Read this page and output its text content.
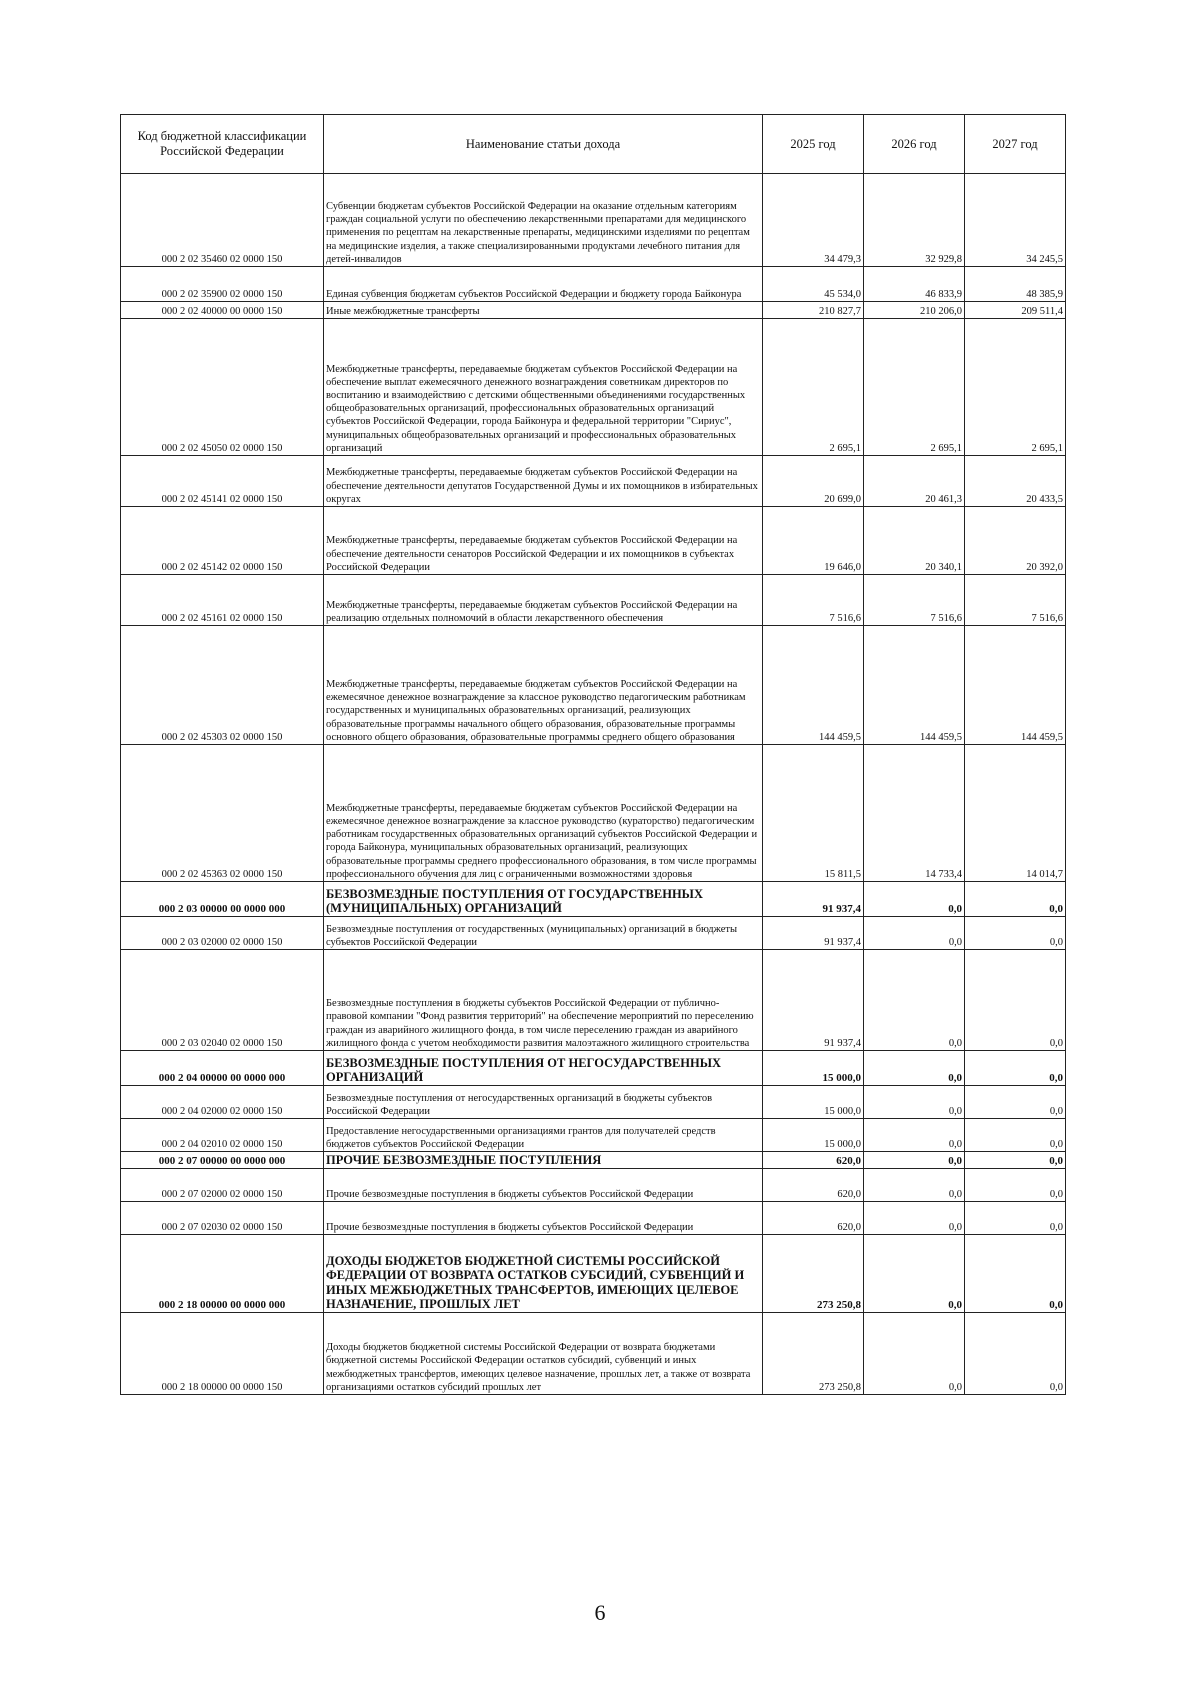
Код бюджетной классификации Российской Федерации	Наименование статьи дохода	2025 год	2026 год	2027 год
000 2 02 35460 02 0000 150	Субвенции бюджетам субъектов Российской Федерации на оказание отдельным категориям граждан социальной услуги по обеспечению лекарственными препаратами для медицинского применения по рецептам на лекарственные препараты, медицинскими изделиями по рецептам на медицинские изделия, а также специализированными продуктами лечебного питания для детей-инвалидов	34 479,3	32 929,8	34 245,5
000 2 02 35900 02 0000 150	Единая субвенция бюджетам субъектов Российской Федерации и бюджету города Байконура	45 534,0	46 833,9	48 385,9
000 2 02 40000 00 0000 150	Иные межбюджетные трансферты	210 827,7	210 206,0	209 511,4
000 2 02 45050 02 0000 150	Межбюджетные трансферты, передаваемые бюджетам субъектов Российской Федерации на обеспечение выплат ежемесячного денежного вознаграждения советникам директоров по воспитанию и взаимодействию с детскими общественными объединениями государственных общеобразовательных организаций, профессиональных образовательных организаций субъектов Российской Федерации, города Байконура и федеральной территории "Сириус", муниципальных общеобразовательных организаций и профессиональных образовательных организаций	2 695,1	2 695,1	2 695,1
000 2 02 45141 02 0000 150	Межбюджетные трансферты, передаваемые бюджетам субъектов Российской Федерации на обеспечение деятельности депутатов Государственной Думы и их помощников в избирательных округах	20 699,0	20 461,3	20 433,5
000 2 02 45142 02 0000 150	Межбюджетные трансферты, передаваемые бюджетам субъектов Российской Федерации на обеспечение деятельности сенаторов Российской Федерации и их помощников в субъектах Российской Федерации	19 646,0	20 340,1	20 392,0
000 2 02 45161 02 0000 150	Межбюджетные трансферты, передаваемые бюджетам субъектов Российской Федерации на реализацию отдельных полномочий в области лекарственного обеспечения	7 516,6	7 516,6	7 516,6
000 2 02 45303 02 0000 150	Межбюджетные трансферты, передаваемые бюджетам субъектов Российской Федерации на ежемесячное денежное вознаграждение за классное руководство педагогическим работникам государственных и муниципальных образовательных организаций, реализующих образовательные программы начального общего образования, образовательные программы основного общего образования, образовательные программы среднего общего образования	144 459,5	144 459,5	144 459,5
000 2 02 45363 02 0000 150	Межбюджетные трансферты, передаваемые бюджетам субъектов Российской Федерации на ежемесячное денежное вознаграждение за классное руководство (кураторство) педагогическим работникам государственных образовательных организаций субъектов Российской Федерации и города Байконура, муниципальных образовательных организаций, реализующих образовательные программы среднего профессионального образования, в том числе программы профессионального обучения для лиц с ограниченными возможностями здоровья	15 811,5	14 733,4	14 014,7
000 2 03 00000 00 0000 000	БЕЗВОЗМЕЗДНЫЕ ПОСТУПЛЕНИЯ ОТ ГОСУДАРСТВЕННЫХ (МУНИЦИПАЛЬНЫХ) ОРГАНИЗАЦИЙ	91 937,4	0,0	0,0
000 2 03 02000 02 0000 150	Безвозмездные поступления от государственных (муниципальных) организаций в бюджеты субъектов Российской Федерации	91 937,4	0,0	0,0
000 2 03 02040 02 0000 150	Безвозмездные поступления в бюджеты субъектов Российской Федерации от публично-правовой компании "Фонд развития территорий" на обеспечение мероприятий по переселению граждан из аварийного жилищного фонда, в том числе переселению граждан из аварийного жилищного фонда с учетом необходимости развития малоэтажного жилищного строительства	91 937,4	0,0	0,0
000 2 04 00000 00 0000 000	БЕЗВОЗМЕЗДНЫЕ ПОСТУПЛЕНИЯ ОТ НЕГОСУДАРСТВЕННЫХ ОРГАНИЗАЦИЙ	15 000,0	0,0	0,0
000 2 04 02000 02 0000 150	Безвозмездные поступления от негосударственных организаций в бюджеты субъектов Российской Федерации	15 000,0	0,0	0,0
000 2 04 02010 02 0000 150	Предоставление негосударственными организациями грантов для получателей средств бюджетов субъектов Российской Федерации	15 000,0	0,0	0,0
000 2 07 00000 00 0000 000	ПРОЧИЕ БЕЗВОЗМЕЗДНЫЕ ПОСТУПЛЕНИЯ	620,0	0,0	0,0
000 2 07 02000 02 0000 150	Прочие безвозмездные поступления в бюджеты субъектов Российской Федерации	620,0	0,0	0,0
000 2 07 02030 02 0000 150	Прочие безвозмездные поступления в бюджеты субъектов Российской Федерации	620,0	0,0	0,0
000 2 18 00000 00 0000 000	ДОХОДЫ БЮДЖЕТОВ БЮДЖЕТНОЙ СИСТЕМЫ РОССИЙСКОЙ ФЕДЕРАЦИИ ОТ ВОЗВРАТА ОСТАТКОВ СУБСИДИЙ, СУБВЕНЦИЙ И ИНЫХ МЕЖБЮДЖЕТНЫХ ТРАНСФЕРТОВ, ИМЕЮЩИХ ЦЕЛЕВОЕ НАЗНАЧЕНИЕ, ПРОШЛЫХ ЛЕТ	273 250,8	0,0	0,0
000 2 18 00000 00 0000 150	Доходы бюджетов бюджетной системы Российской Федерации от возврата бюджетами бюджетной системы Российской Федерации остатков субсидий, субвенций и иных межбюджетных трансфертов, имеющих целевое назначение, прошлых лет, а также от возврата организациями остатков субсидий прошлых лет	273 250,8	0,0	0,0
6
